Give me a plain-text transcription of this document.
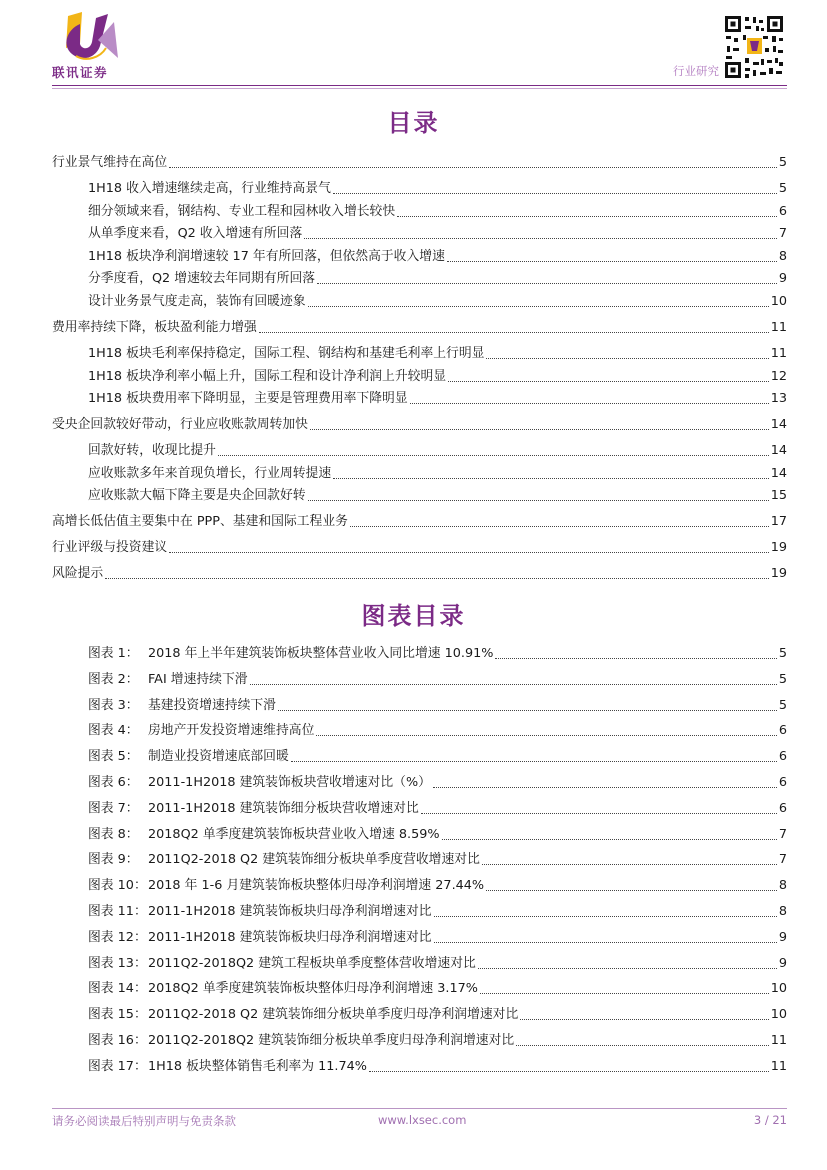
联讯证券	行业研究
目录
行业景气维持在高位	5
1H18 收入增速继续走高，行业维持高景气	5
细分领域来看，钢结构、专业工程和园林收入增长较快	6
从单季度来看，Q2 收入增速有所回落	7
1H18 板块净利润增速较 17 年有所回落，但依然高于收入增速	8
分季度看，Q2 增速较去年同期有所回落	9
设计业务景气度走高，装饰有回暖迹象	10
费用率持续下降，板块盈利能力增强	11
1H18 板块毛利率保持稳定，国际工程、钢结构和基建毛利率上行明显	11
1H18 板块净利率小幅上升，国际工程和设计净利润上升较明显	12
1H18 板块费用率下降明显，主要是管理费用率下降明显	13
受央企回款较好带动，行业应收账款周转加快	14
回款好转，收现比提升	14
应收账款多年来首现负增长，行业周转提速	14
应收账款大幅下降主要是央企回款好转	15
高增长低估值主要集中在 PPP、基建和国际工程业务	17
行业评级与投资建议	19
风险提示	19
图表目录
图表 1： 2018 年上半年建筑装饰板块整体营业收入同比增速 10.91%	5
图表 2： FAI 增速持续下滑	5
图表 3： 基建投资增速持续下滑	5
图表 4： 房地产开发投资增速维持高位	6
图表 5： 制造业投资增速底部回暖	6
图表 6： 2011-1H2018 建筑装饰板块营收增速对比（%）	6
图表 7： 2011-1H2018 建筑装饰细分板块营收增速对比	6
图表 8： 2018Q2 单季度建筑装饰板块营业收入增速 8.59%	7
图表 9： 2011Q2-2018 Q2 建筑装饰细分板块单季度营收增速对比	7
图表 10：2018 年 1-6 月建筑装饰板块整体归母净利润增速 27.44%	8
图表 11：2011-1H2018 建筑装饰板块归母净利润增速对比	8
图表 12：2011-1H2018 建筑装饰板块归母净利润增速对比	9
图表 13：2011Q2-2018Q2 建筑工程板块单季度整体营收增速对比	9
图表 14：2018Q2 单季度建筑装饰板块整体归母净利润增速 3.17%	10
图表 15：2011Q2-2018 Q2 建筑装饰细分板块单季度归母净利润增速对比	10
图表 16：2011Q2-2018Q2 建筑装饰细分板块单季度归母净利润增速对比	11
图表 17：1H18 板块整体销售毛利率为 11.74%	11
请务必阅读最后特别声明与免责条款	www.lxsec.com	3 / 21
